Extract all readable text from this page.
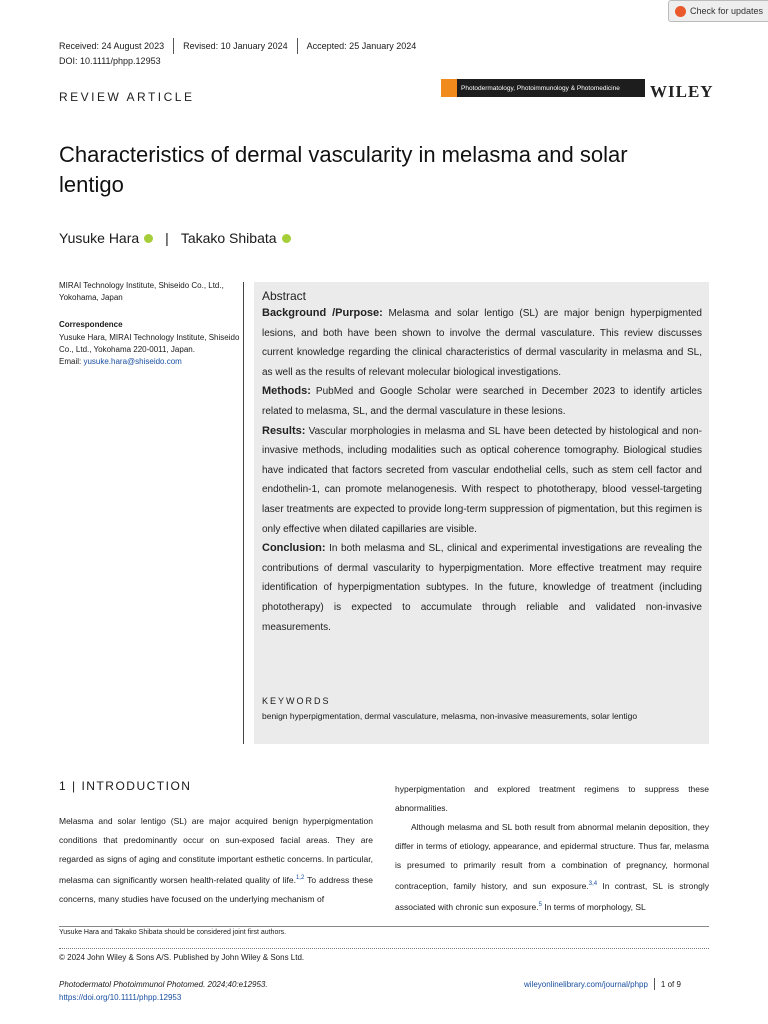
Check for updates
Received: 24 August 2023 Revised: 10 January 2024 Accepted: 25 January 2024
DOI: 10.1111/phpp.12953
REVIEW ARTICLE
Photodermatology, Photoimmunology & Photomedicine WILEY
Characteristics of dermal vascularity in melasma and solar lentigo
Yusuke Hara | Takako Shibata
MIRAI Technology Institute, Shiseido Co., Ltd., Yokohama, Japan
Correspondence
Yusuke Hara, MIRAI Technology Institute, Shiseido Co., Ltd., Yokohama 220-0011, Japan.
Email: yusuke.hara@shiseido.com
Abstract

Background /Purpose: Melasma and solar lentigo (SL) are major benign hyperpigmented lesions, and both have been shown to involve the dermal vasculature. This review discusses current knowledge regarding the clinical characteristics of dermal vascularity in melasma and SL, as well as the results of relevant molecular biological investigations.

Methods: PubMed and Google Scholar were searched in December 2023 to identify articles related to melasma, SL, and the dermal vasculature in these lesions.

Results: Vascular morphologies in melasma and SL have been detected by histological and non-invasive methods, including modalities such as optical coherence tomography. Biological studies have indicated that factors secreted from vascular endothelial cells, such as stem cell factor and endothelin-1, can promote melanogenesis. With respect to phototherapy, blood vessel-targeting laser treatments are expected to provide long-term suppression of pigmentation, but this regimen is only effective when dilated capillaries are visible.

Conclusion: In both melasma and SL, clinical and experimental investigations are revealing the contributions of dermal vascularity to hyperpigmentation. More effective treatment may require identification of hyperpigmentation subtypes. In the future, knowledge of treatment (including phototherapy) is expected to accumulate through reliable and validated non-invasive measurements.

KEYWORDS
benign hyperpigmentation, dermal vasculature, melasma, non-invasive measurements, solar lentigo
1 | INTRODUCTION

Melasma and solar lentigo (SL) are major acquired benign hyperpigmentation conditions that predominantly occur on sun-exposed facial areas. They are regarded as signs of aging and constitute important esthetic concerns. In particular, melasma can significantly worsen health-related quality of life.$^{1,2}$ To address these concerns, many studies have focused on the underlying mechanism of

hyperpigmentation and explored treatment regimens to suppress these abnormalities.

Although melasma and SL both result from abnormal melanin deposition, they differ in terms of etiology, appearance, and epidermal structure. Thus far, melasma is presumed to primarily result from a combination of pregnancy, hormonal contraception, family history, and sun exposure.$^{3,4}$ In contrast, SL is strongly associated with chronic sun exposure.$^5$ In terms of morphology, SL

Yusuke Hara and Takako Shibata should be considered joint first authors.
© 2024 John Wiley & Sons A/S. Published by John Wiley & Sons Ltd.
Photodermatol Photoimmunol Photomed. 2024;40:e12953.
https://doi.org/10.1111/phpp.12953
wileyonlinelibrary.com/journal/phpp 1 of 9
